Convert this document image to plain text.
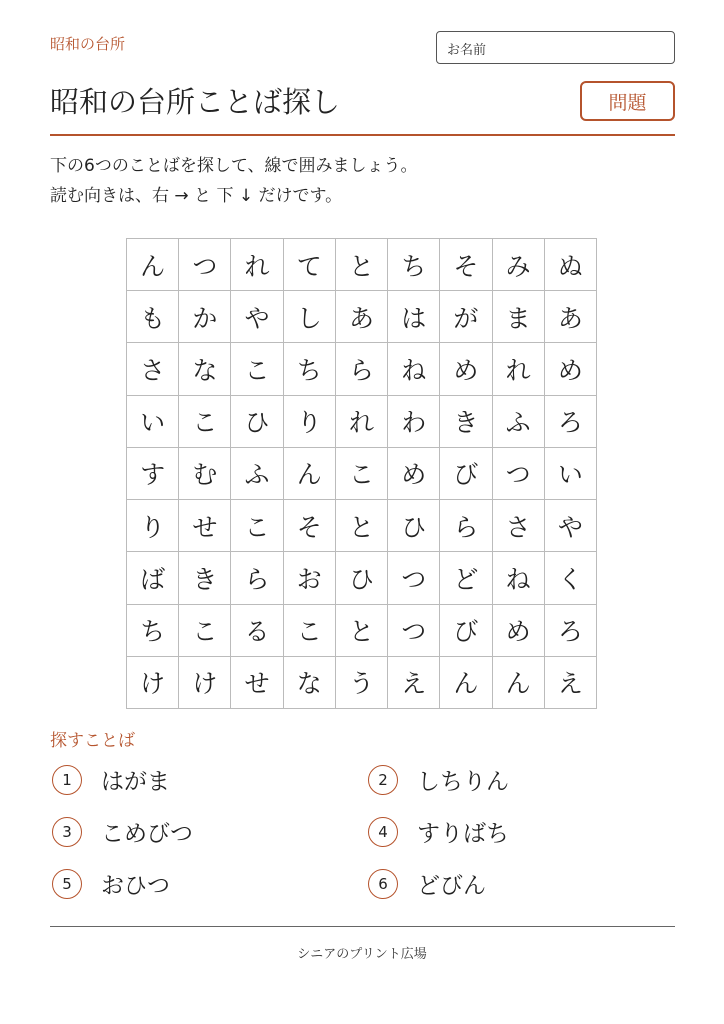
昭和の台所	お名前
昭和の台所ことば探し	問題
下の6つのことばを探して、線で囲みましょう。
読む向きは、右 → と 下 ↓ だけです。
ん	つ	れ	て	と	ち	そ	み	ぬ
も	か	や	し	あ	は	が	ま	あ
さ	な	こ	ち	ら	ね	め	れ	め
い	こ	ひ	り	れ	わ	き	ふ	ろ
す	む	ふ	ん	こ	め	び	つ	い
り	せ	こ	そ	と	ひ	ら	さ	や
ば	き	ら	お	ひ	つ	ど	ね	く
ち	こ	る	こ	と	つ	び	め	ろ
け	け	せ	な	う	え	ん	ん	え
探すことば
1	はがま	2	しちりん
3	こめびつ	4	すりばち
5	おひつ	6	どびん
シニアのプリント広場
